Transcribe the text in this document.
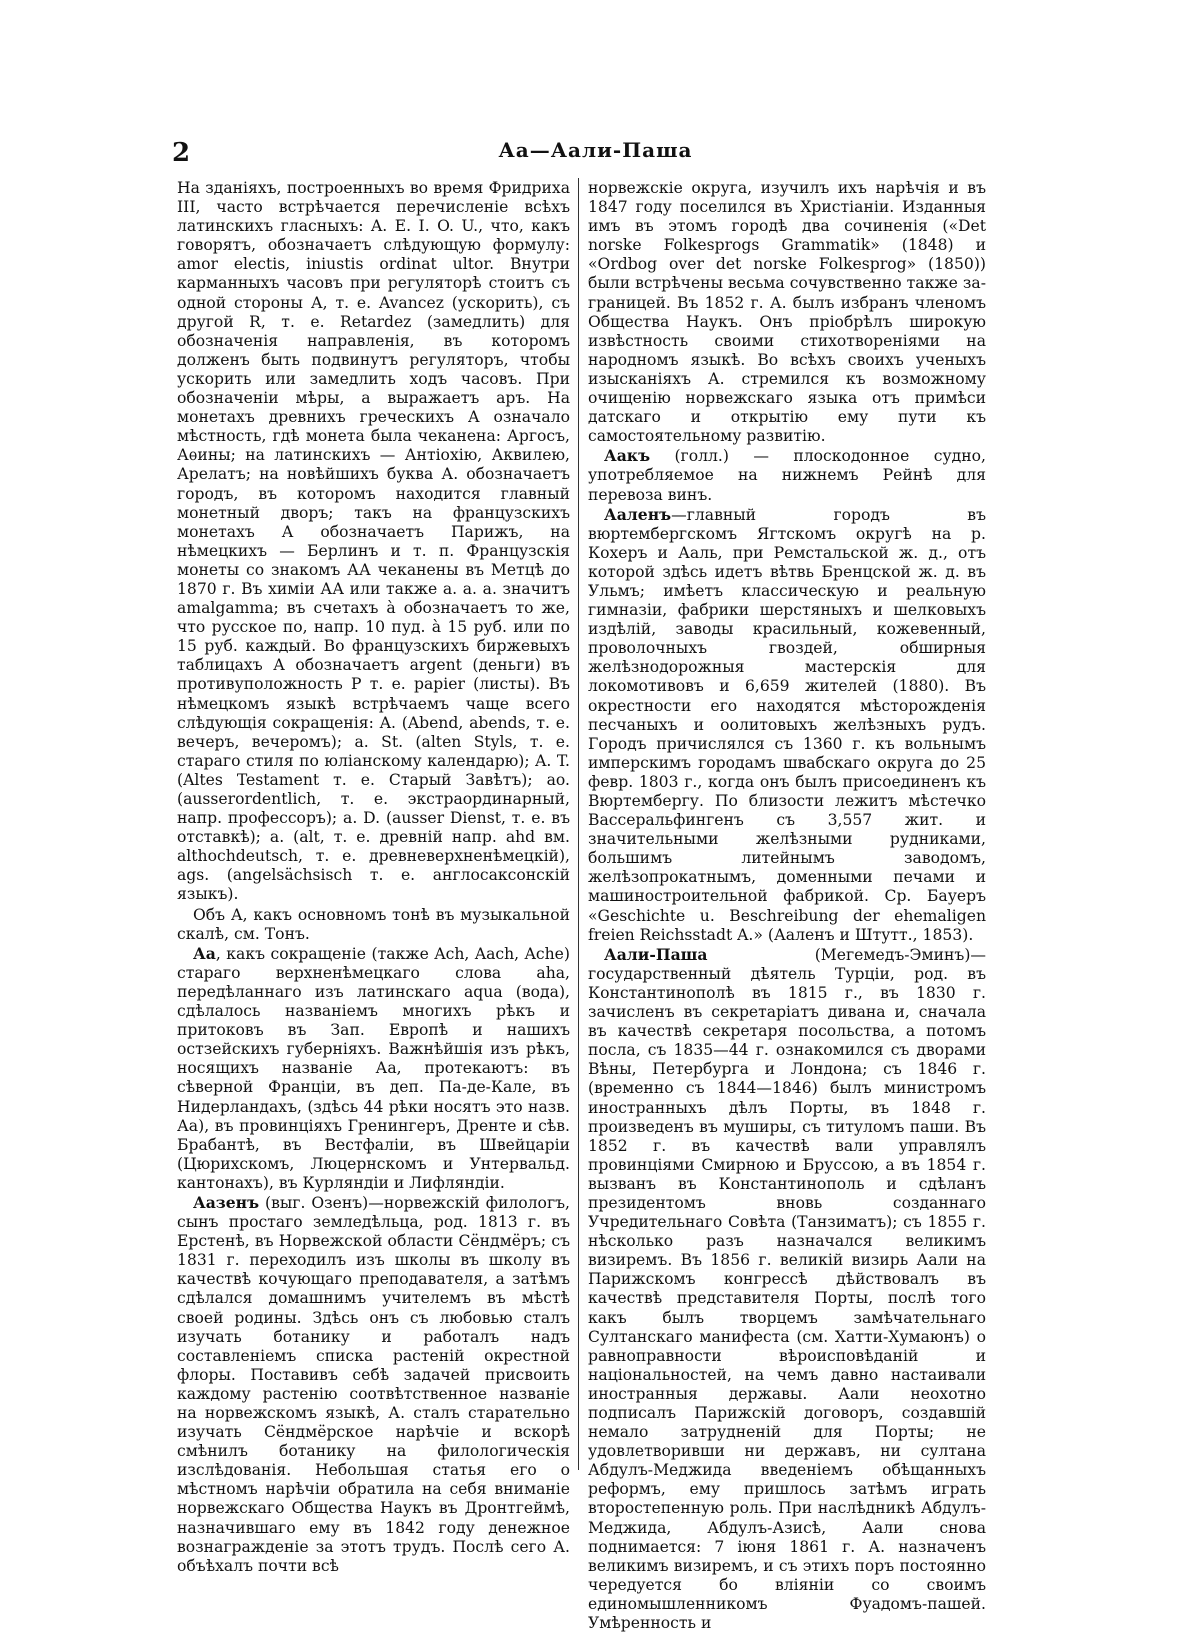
2	Аа—Аали-Паша

На зданіяхъ, построенныхъ во время Фридриха III, часто встрѣчается перечисленіе всѣхъ латинскихъ гласныхъ: A. E. I. O. U., что, какъ говорятъ, обозначаетъ слѣдующую формулу: amor electis, iniustis ordinat ultor. Внутри карманныхъ часовъ при регуляторѣ стоитъ съ одной стороны А, т. е. Avancez (ускорить), съ другой R, т. е. Retardez (замедлить) для обозначенія направленія, въ которомъ долженъ быть подвинутъ регуляторъ, чтобы ускорить или замедлить ходъ часовъ. При обозначеніи мѣры, а выражаетъ аръ. На монетахъ древнихъ греческихъ А означало мѣстность, гдѣ монета была чеканена: Аргосъ, Аѳины; на латинскихъ — Антіохію, Аквилею, Арелатъ; на новѣйшихъ буква А. обозначаетъ городъ, въ которомъ находится главный монетный дворъ; такъ на французскихъ монетахъ А обозначаетъ Парижъ, на нѣмецкихъ — Берлинъ и т. п. Французскія монеты со знакомъ АА чеканены въ Метцѣ до 1870 г. Въ химіи АА или также a. a. a. значитъ amalgamma; въ счетахъ à обозначаетъ то же, что русское по, напр. 10 пуд. à 15 руб. или по 15 руб. каждый. Во французскихъ биржевыхъ таблицахъ А обозначаетъ argent (деньги) въ противуположность P т. е. papier (листы). Въ нѣмецкомъ языкѣ встрѣчаемъ чаще всего слѣдующія сокращенія: A. (Abend, abends, т. е. вечеръ, вечеромъ); a. St. (alten Styls, т. е. стараго стиля по юліанскому календарю); A. T. (Altes Testament т. е. Старый Завѣтъ); ao. (ausserordentlich, т. е. экстраординарный, напр. профессоръ); a. D. (ausser Dienst, т. е. въ отставкѣ); a. (alt, т. е. древній напр. ahd вм. althochdeutsch, т. е. древневерхненѣмецкій), ags. (angelsächsisch т. е. англосаксонскій языкъ).

Объ А, какъ основномъ тонѣ въ музыкальной скалѣ, см. Тонъ.

Аа, какъ сокращеніе (также Ach, Aach, Ache) стараго верхненѣмецкаго слова aha, передѣланнаго изъ латинскаго aqua (вода), сдѣлалось названіемъ многихъ рѣкъ и притоковъ въ Зап. Европѣ и нашихъ остзейскихъ губерніяхъ. Важнѣйшія изъ рѣкъ, носящихъ названіе Аа, протекаютъ: въ сѣверной Франціи, въ деп. Па-де-Кале, въ Нидерландахъ, (здѣсь 44 рѣки носятъ это назв. Аа), въ провинціяхъ Гренингеръ, Дренте и сѣв. Брабантѣ, въ Вестфаліи, въ Швейцаріи (Цюрихскомъ, Люцернскомъ и Унтервальд. кантонахъ), въ Курляндіи и Лифляндіи.

Аазенъ (выг. Озенъ)—норвежскій филологъ, сынъ простаго земледѣльца, род. 1813 г. въ Ерстенѣ, въ Норвежской области Сёндмёръ; съ 1831 г. переходилъ изъ школы въ школу въ качествѣ кочующаго преподавателя, а затѣмъ сдѣлался домашнимъ учителемъ въ мѣстѣ своей родины. Здѣсь онъ съ любовью сталъ изучать ботанику и работалъ надъ составленіемъ списка растеній окрестной флоры. Поставивъ себѣ задачей присвоить каждому растенію соотвѣтственное названіе на норвежскомъ языкѣ, А. сталъ старательно изучать Сёндмёрское нарѣчіе и вскорѣ смѣнилъ ботанику на филологическія изслѣдованія. Небольшая статья его о мѣстномъ нарѣчіи обратила на себя вниманіе норвежскаго Общества Наукъ въ Дронтгеймѣ, назначившаго ему въ 1842 году денежное вознагражденіе за этотъ трудъ. Послѣ сего А. объѣхалъ почти всѣ

норвежскіе округа, изучилъ ихъ нарѣчія и въ 1847 году поселился въ Христіаніи. Изданныя имъ въ этомъ городѣ два сочиненія («Det norske Folkesprogs Grammatik» (1848) и «Ordbog over det norske Folkesprog» (1850)) были встрѣчены весьма сочувственно также за-границей. Въ 1852 г. А. былъ избранъ членомъ Общества Наукъ. Онъ пріобрѣлъ широкую извѣстность своими стихотвореніями на народномъ языкѣ. Во всѣхъ своихъ ученыхъ изысканіяхъ А. стремился къ возможному очищенію норвежскаго языка отъ примѣси датскаго и открытію ему пути къ самостоятельному развитію.

Аакъ (голл.) — плоскодонное судно, употребляемое на нижнемъ Рейнѣ для перевоза винъ.

Ааленъ—главный городъ въ вюртембергскомъ Ягтскомъ округѣ на р. Кохеръ и Ааль, при Ремстальской ж. д., отъ которой здѣсь идетъ вѣтвь Бренцской ж. д. въ Ульмъ; имѣетъ классическую и реальную гимназіи, фабрики шерстяныхъ и шелковыхъ издѣлій, заводы красильный, кожевенный, проволочныхъ гвоздей, обширныя желѣзнодорожныя мастерскія для локомотивовъ и 6,659 жителей (1880). Въ окрестности его находятся мѣсторожденія песчаныхъ и оолитовыхъ желѣзныхъ рудъ. Городъ причислялся съ 1360 г. къ вольнымъ имперскимъ городамъ швабскаго округа до 25 февр. 1803 г., когда онъ былъ присоединенъ къ Вюртембергу. По близости лежитъ мѣстечко Вассеральфингенъ съ 3,557 жит. и значительными желѣзными рудниками, большимъ литейнымъ заводомъ, желѣзопрокатнымъ, доменными печами и машиностроительной фабрикой. Ср. Бауеръ «Geschichte u. Beschreibung der ehemaligen freien Reichsstadt A.» (Ааленъ и Штутт., 1853).

Аали-Паша (Мегемедъ-Эминъ)—государственный дѣятель Турціи, род. въ Константинополѣ въ 1815 г., въ 1830 г. зачисленъ въ секретаріатъ дивана и, сначала въ качествѣ секретаря посольства, а потомъ посла, съ 1835—44 г. ознакомился съ дворами Вѣны, Петербурга и Лондона; съ 1846 г. (временно съ 1844—1846) былъ министромъ иностранныхъ дѣлъ Порты, въ 1848 г. произведенъ въ муширы, съ титуломъ паши. Въ 1852 г. въ качествѣ вали управлялъ провинціями Смирною и Бруссою, а въ 1854 г. вызванъ въ Константинополь и сдѣланъ президентомъ вновь созданнаго Учредительнаго Совѣта (Танзиматъ); съ 1855 г. нѣсколько разъ назначался великимъ визиремъ. Въ 1856 г. великій визирь Аали на Парижскомъ конгрессѣ дѣйствовалъ въ качествѣ представителя Порты, послѣ того какъ былъ творцемъ замѣчательнаго Султанскаго манифеста (см. Хатти-Хумаюнъ) о равноправности вѣроисповѣданій и національностей, на чемъ давно настаивали иностранныя державы. Аали неохотно подписалъ Парижскій договоръ, создавшій немало затрудненій для Порты; не удовлетворивши ни державъ, ни султана Абдулъ-Меджида введеніемъ обѣщанныхъ реформъ, ему пришлось затѣмъ играть второстепенную роль. При наслѣдникѣ Абдулъ-Меджида, Абдулъ-Азисѣ, Аали снова поднимается: 7 іюня 1861 г. А. назначенъ великимъ визиремъ, и съ этихъ поръ постоянно чередуется бо вліяніи со своимъ единомышленникомъ Фуадомъ-пашей. Умѣренность и
